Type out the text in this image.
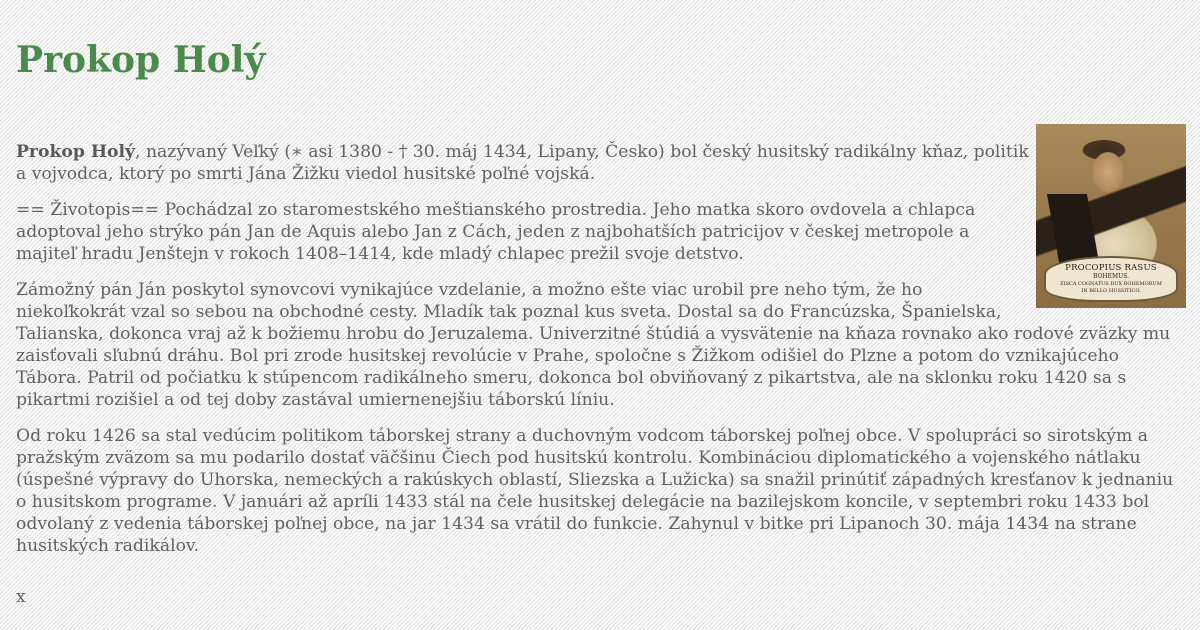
Prokop Holý
PROCOPIUS RASUS
BOHEMUS.
ZISCA COGNATUS DUX BOHEMORUM
IN BELLO HUSSITICO.

Prokop Holý, nazývaný Veľký (∗ asi 1380 - † 30. máj 1434, Lipany, Česko) bol český husitský radikálny kňaz, politik a vojvodca, ktorý po smrti Jána Žižku viedol husitské poľné vojská.

== Životopis== Pochádzal zo staromestského meštianského prostredia. Jeho matka skoro ovdovela a chlapca adoptoval jeho strýko pán Jan de Aquis alebo Jan z Cách, jeden z najbohatších patricijov v českej metropole a majiteľ hradu Jenštejn v rokoch 1408–1414, kde mladý chlapec prežil svoje detstvo.

Zámožný pán Ján poskytol synovcovi vynikajúce vzdelanie, a možno ešte viac urobil pre neho tým, že ho niekoľkokrát vzal so sebou na obchodné cesty. Mladík tak poznal kus sveta. Dostal sa do Francúzska, Španielska, Talianska, dokonca vraj až k božiemu hrobu do Jeruzalema. Univerzitné štúdiá a vysvätenie na kňaza rovnako ako rodové zväzky mu zaisťovali sľubnú dráhu. Bol pri zrode husitskej revolúcie v Prahe, spoločne s Žižkom odišiel do Plzne a potom do vznikajúceho Tábora. Patril od počiatku k stúpencom radikálneho smeru, dokonca bol obviňovaný z pikartstva, ale na sklonku roku 1420 sa s pikartmi rozišiel a od tej doby zastával umiernenejšiu táborskú líniu.

Od roku 1426 sa stal vedúcim politikom táborskej strany a duchovným vodcom táborskej poľnej obce. V spolupráci so sirotským a pražským zväzom sa mu podarilo dostať väčšinu Čiech pod husitskú kontrolu. Kombináciou diplomatického a vojenského nátlaku (úspešné výpravy do Uhorska, nemeckých a rakúskych oblastí, Sliezska a Lužicka) sa snažil prinútiť západných kresťanov k jednaniu o husitskom programe. V januári až apríli 1433 stál na čele husitskej delegácie na bazilejskom koncile, v septembri roku 1433 bol odvolaný z vedenia táborskej poľnej obce, na jar 1434 sa vrátil do funkcie. Zahynul v bitke pri Lipanoch 30. mája 1434 na strane husitských radikálov.

x
